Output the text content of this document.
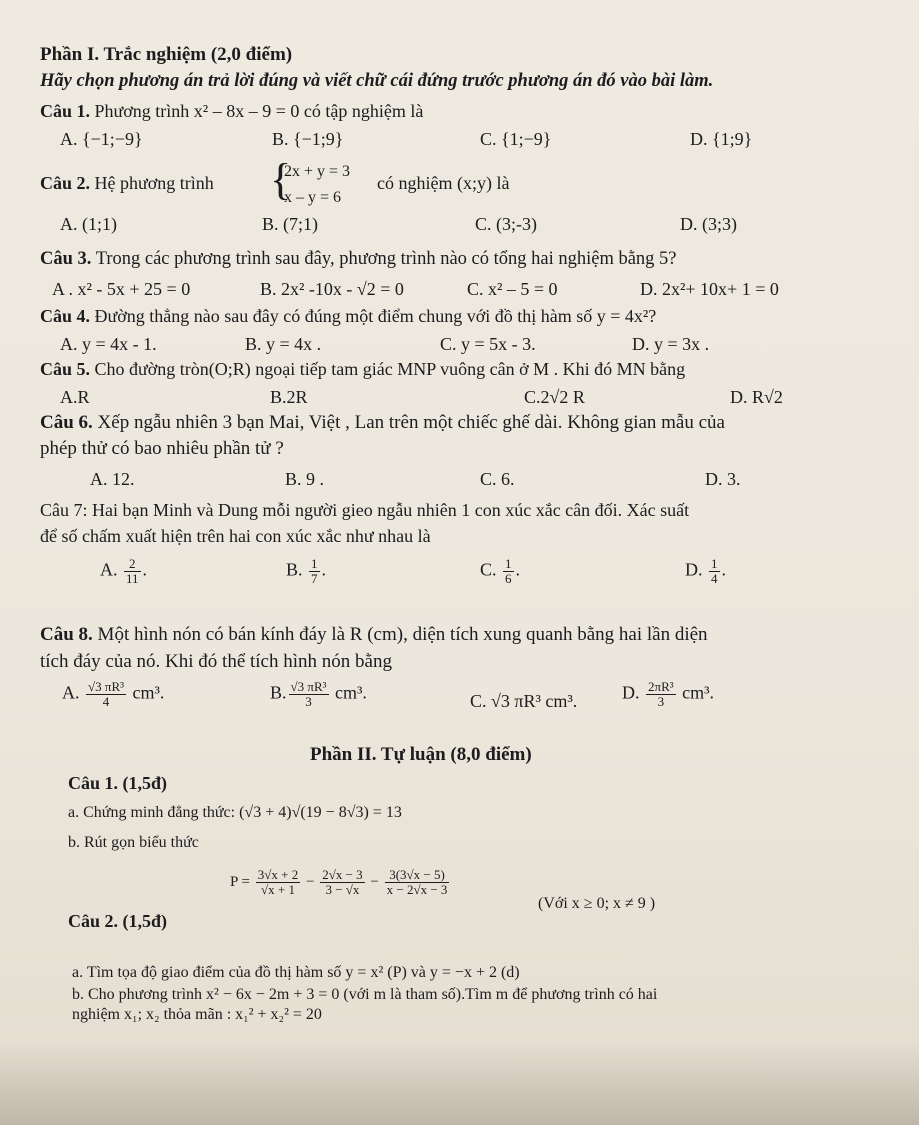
Phần I. Trắc nghiệm (2,0 điểm)
Hãy chọn phương án trả lời đúng và viết chữ cái đứng trước phương án đó vào bài làm.
Câu 1. Phương trình x² – 8x – 9 = 0 có tập nghiệm là
A. {−1;−9}	B. {−1;9}	C. {1;−9}	D. {1;9}
Câu 2. Hệ phương trình {
2x + y = 3
x – y = 6
có nghiệm (x;y) là
A. (1;1)	B. (7;1)	C. (3;-3)	D. (3;3)
Câu 3. Trong các phương trình sau đây, phương trình nào có tổng hai nghiệm bằng 5?
A . x² - 5x + 25 = 0	B. 2x² -10x - √2 = 0	C. x² – 5 = 0	D. 2x²+ 10x+ 1 = 0
Câu 4. Đường thẳng nào sau đây có đúng một điểm chung với đồ thị hàm số y = 4x²?
A. y = 4x - 1.	B. y = 4x .	C. y = 5x - 3.	D. y = 3x .
Câu 5. Cho đường tròn(O;R) ngoại tiếp tam giác MNP vuông cân ở M . Khi đó MN bằng
A.R	B.2R	C.2√2 R	D. R√2
Câu 6. Xếp ngẫu nhiên 3 bạn Mai, Việt , Lan trên một chiếc ghế dài. Không gian mẫu của
phép thử có bao nhiêu phần tử ?
A. 12.	B. 9 .	C. 6.	D. 3.
Câu 7: Hai bạn Minh và Dung mỗi người gieo ngẫu nhiên 1 con xúc xắc cân đối. Xác suất
để số chấm xuất hiện trên hai con xúc xắc như nhau là
A. $\frac{2}{11}$ .	B. $\frac{1}{7}$ .	C. $\frac{1}{6}$ .	D. $\frac{1}{4}$ .
Câu 8. Một hình nón có bán kính đáy là R (cm), diện tích xung quanh bằng hai lần diện
tích đáy của nó. Khi đó thể tích hình nón bằng
A. $\frac{\text{√3 πR³}}{4} cm^3$.	B. $\frac{\text{√3 πR³}}{3} cm^3$.	C. √3 πR³ cm³. D. $\frac{\text{2πR³}}{3} cm^3$.
Phần II. Tự luận (8,0 điểm)
Câu 1. (1,5đ)
a. Chứng minh đẳng thức: (√3 + 4)√(19 − 8√3) = 13
b. Rút gọn biểu thức
$P = \frac{3√x + 2}{√x + 1} - \frac{2√x - 3}{3 - √x} - \frac{3(3√x - 5)}{x - 2√x - 3}$
(Với x ≥ 0; x ≠ 9 )
Câu 2. (1,5đ)
a. Tìm tọa độ giao điểm của đồ thị hàm số y = x² (P) và y = −x + 2 (d)
b. Cho phương trình x² − 6x − 2m + 3 = 0 (với m là tham số).Tìm m để phương trình có hai
nghiệm x₁; x₂ thỏa mãn : x₁² + x₂² = 20
